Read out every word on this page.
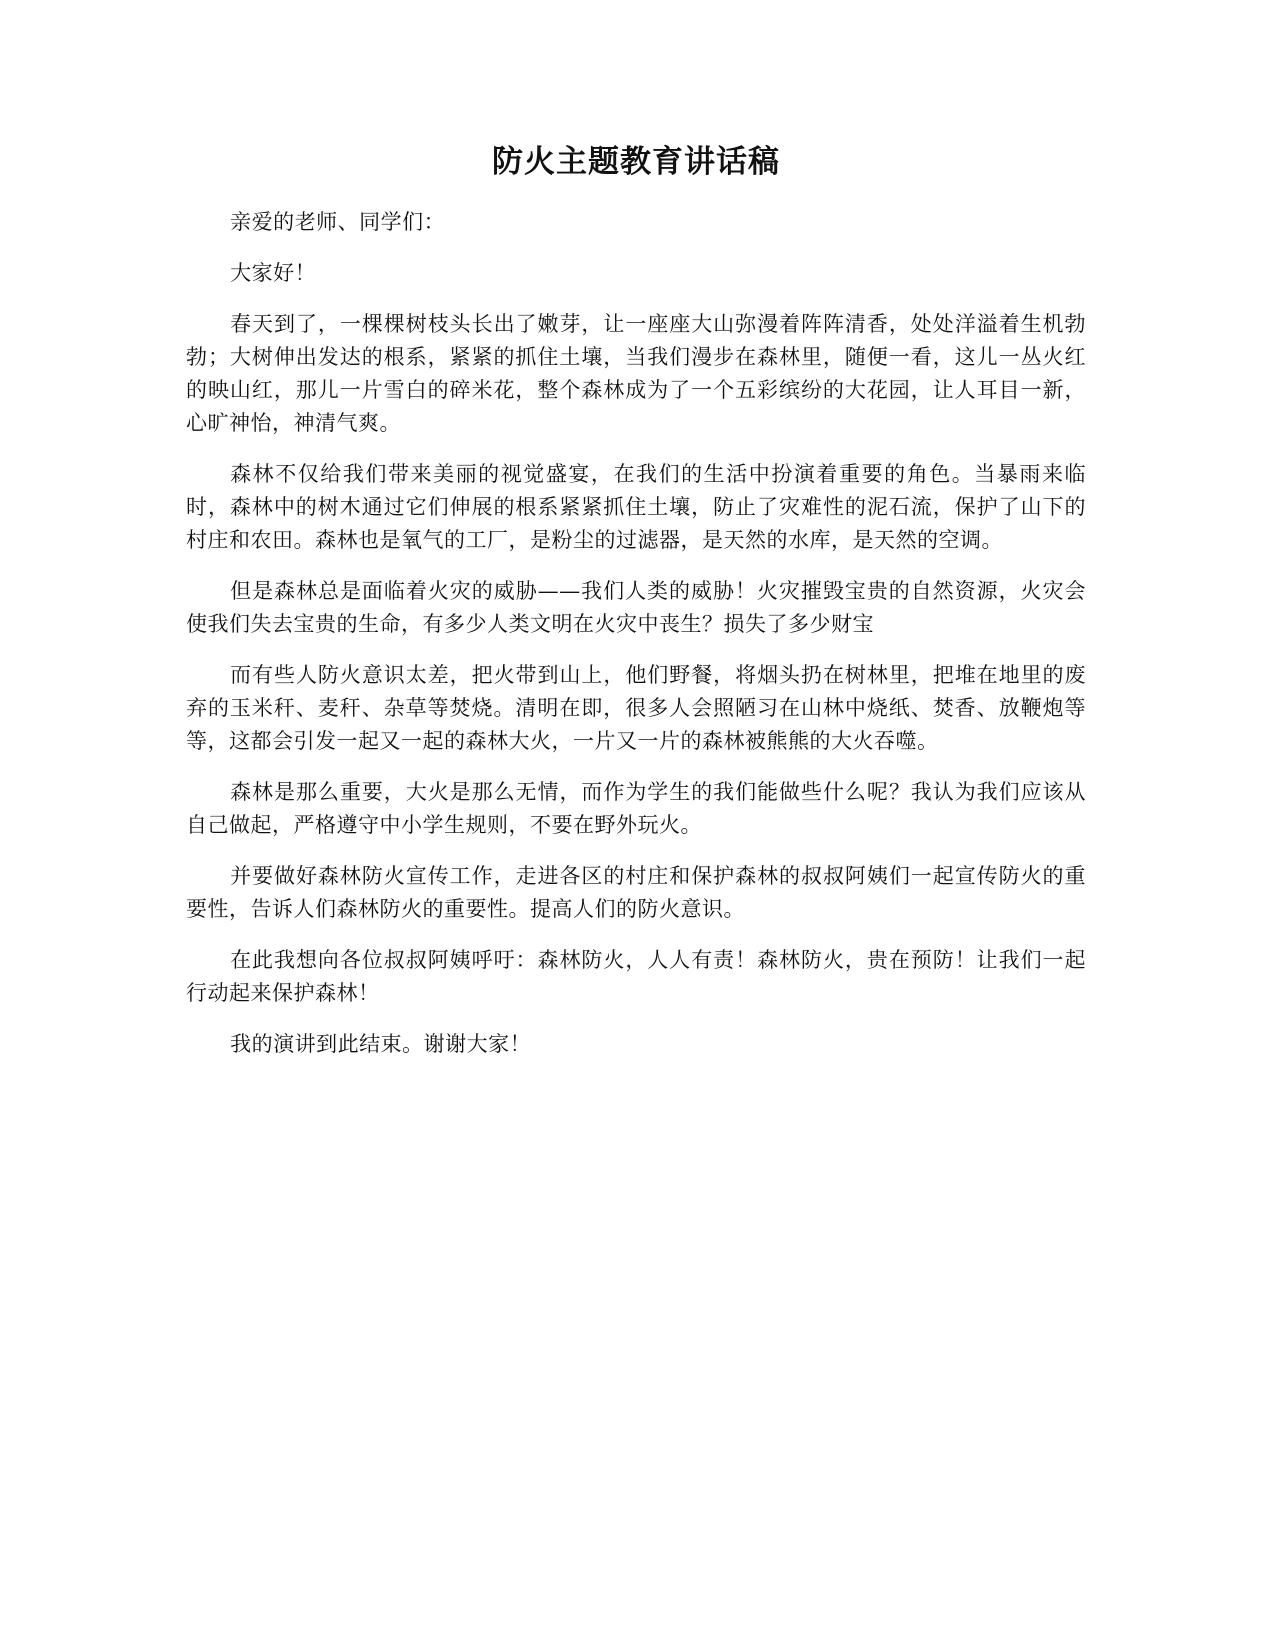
防火主题教育讲话稿

亲爱的老师、同学们：

大家好！

春天到了，一棵棵树枝头长出了嫩芽，让一座座大山弥漫着阵阵清香，处处洋溢着生机勃勃；大树伸出发达的根系，紧紧的抓住土壤，当我们漫步在森林里，随便一看，这儿一丛火红的映山红，那儿一片雪白的碎米花，整个森林成为了一个五彩缤纷的大花园，让人耳目一新，心旷神怡，神清气爽。

森林不仅给我们带来美丽的视觉盛宴，在我们的生活中扮演着重要的角色。当暴雨来临时，森林中的树木通过它们伸展的根系紧紧抓住土壤，防止了灾难性的泥石流，保护了山下的村庄和农田。森林也是氧气的工厂，是粉尘的过滤器，是天然的水库，是天然的空调。

但是森林总是面临着火灾的威胁——我们人类的威胁！火灾摧毁宝贵的自然资源，火灾会使我们失去宝贵的生命，有多少人类文明在火灾中丧生？损失了多少财宝

而有些人防火意识太差，把火带到山上，他们野餐，将烟头扔在树林里，把堆在地里的废弃的玉米秆、麦秆、杂草等焚烧。清明在即，很多人会照陋习在山林中烧纸、焚香、放鞭炮等等，这都会引发一起又一起的森林大火，一片又一片的森林被熊熊的大火吞噬。

森林是那么重要，大火是那么无情，而作为学生的我们能做些什么呢？我认为我们应该从自己做起，严格遵守中小学生规则，不要在野外玩火。

并要做好森林防火宣传工作，走进各区的村庄和保护森林的叔叔阿姨们一起宣传防火的重要性，告诉人们森林防火的重要性。提高人们的防火意识。

在此我想向各位叔叔阿姨呼吁：森林防火，人人有责！森林防火，贵在预防！让我们一起行动起来保护森林！

我的演讲到此结束。谢谢大家！
